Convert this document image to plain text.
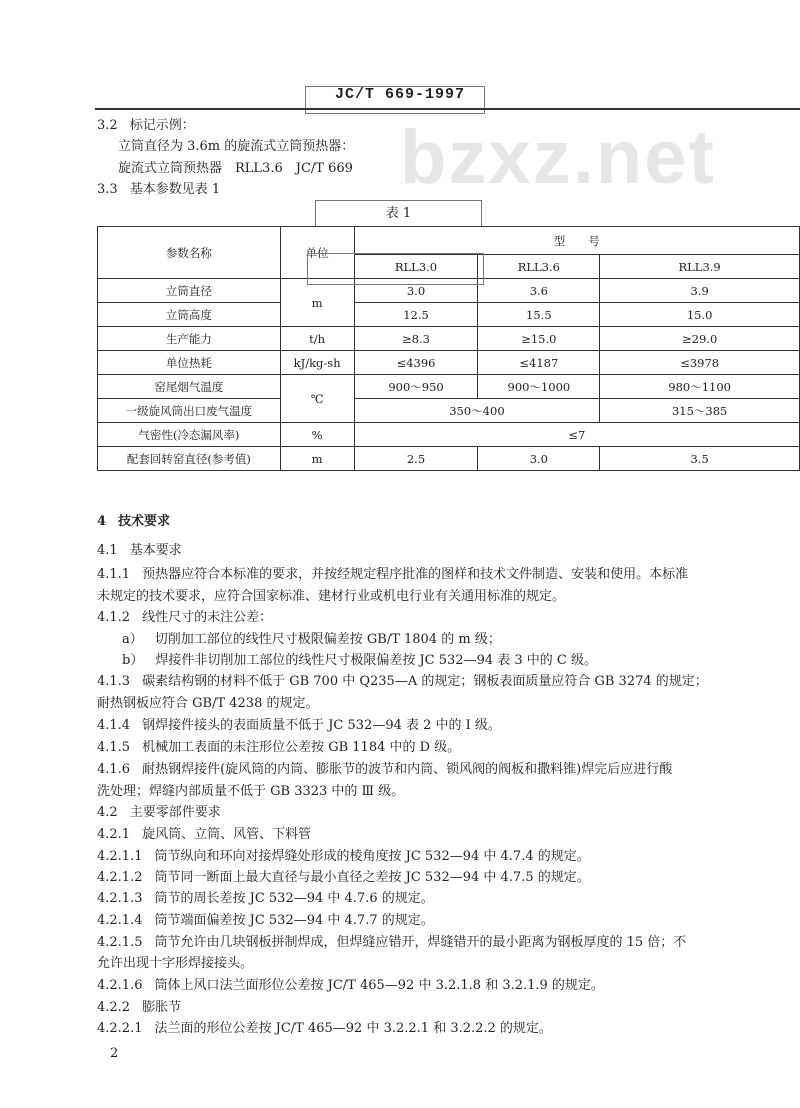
JC/T 669-1997
bzxz.net
3.2 标记示例：
立筒直径为 3.6m 的旋流式立筒预热器：
旋流式立筒预热器　RLL3.6　JC/T 669
3.3 基本参数见表 1
表 1
参数名称	单位	型　　号		
		RLL3.0	RLL3.6	RLL3.9
立筒直径	m	3.0	3.6	3.9
立筒高度		12.5	15.5	15.0
生产能力	t/h	≥8.3	≥15.0	≥29.0
单位热耗	kJ/kg-sh	≤4396	≤4187	≤3978
窑尾烟气温度	℃	900～950	900～1000	980～1100
一级旋风筒出口废气温度		350～400		315～385
气密性(冷态漏风率)	%	≤7		
配套回转窑直径(参考值)	m	2.5	3.0	3.5
4 技术要求
4.1 基本要求
4.1.1 预热器应符合本标准的要求，并按经规定程序批准的图样和技术文件制造、安装和使用。本标准
未规定的技术要求，应符合国家标准、建材行业或机电行业有关通用标准的规定。
4.1.2 线性尺寸的未注公差：
a） 切削加工部位的线性尺寸极限偏差按 GB/T 1804 的 m 级；
b） 焊接件非切削加工部位的线性尺寸极限偏差按 JC 532—94 表 3 中的 C 级。
4.1.3 碳素结构钢的材料不低于 GB 700 中 Q235—A 的规定；钢板表面质量应符合 GB 3274 的规定；
耐热钢板应符合 GB/T 4238 的规定。
4.1.4 钢焊接件接头的表面质量不低于 JC 532—94 表 2 中的 Ⅰ 级。
4.1.5 机械加工表面的未注形位公差按 GB 1184 中的 D 级。
4.1.6 耐热钢焊接件(旋风筒的内筒、膨胀节的波节和内筒、锁风阀的阀板和撒料锥)焊完后应进行酸
洗处理；焊缝内部质量不低于 GB 3323 中的 Ⅲ 级。
4.2 主要零部件要求
4.2.1 旋风筒、立筒、风管、下料管
4.2.1.1 筒节纵向和环向对接焊缝处形成的棱角度按 JC 532—94 中 4.7.4 的规定。
4.2.1.2 筒节同一断面上最大直径与最小直径之差按 JC 532—94 中 4.7.5 的规定。
4.2.1.3 筒节的周长差按 JC 532—94 中 4.7.6 的规定。
4.2.1.4 筒节端面偏差按 JC 532—94 中 4.7.7 的规定。
4.2.1.5 筒节允许由几块钢板拼制焊成，但焊缝应错开，焊缝错开的最小距离为钢板厚度的 15 倍；不
允许出现十字形焊接接头。
4.2.1.6 筒体上风口法兰面形位公差按 JC/T 465—92 中 3.2.1.8 和 3.2.1.9 的规定。
4.2.2 膨胀节
4.2.2.1 法兰面的形位公差按 JC/T 465—92 中 3.2.2.1 和 3.2.2.2 的规定。
2
